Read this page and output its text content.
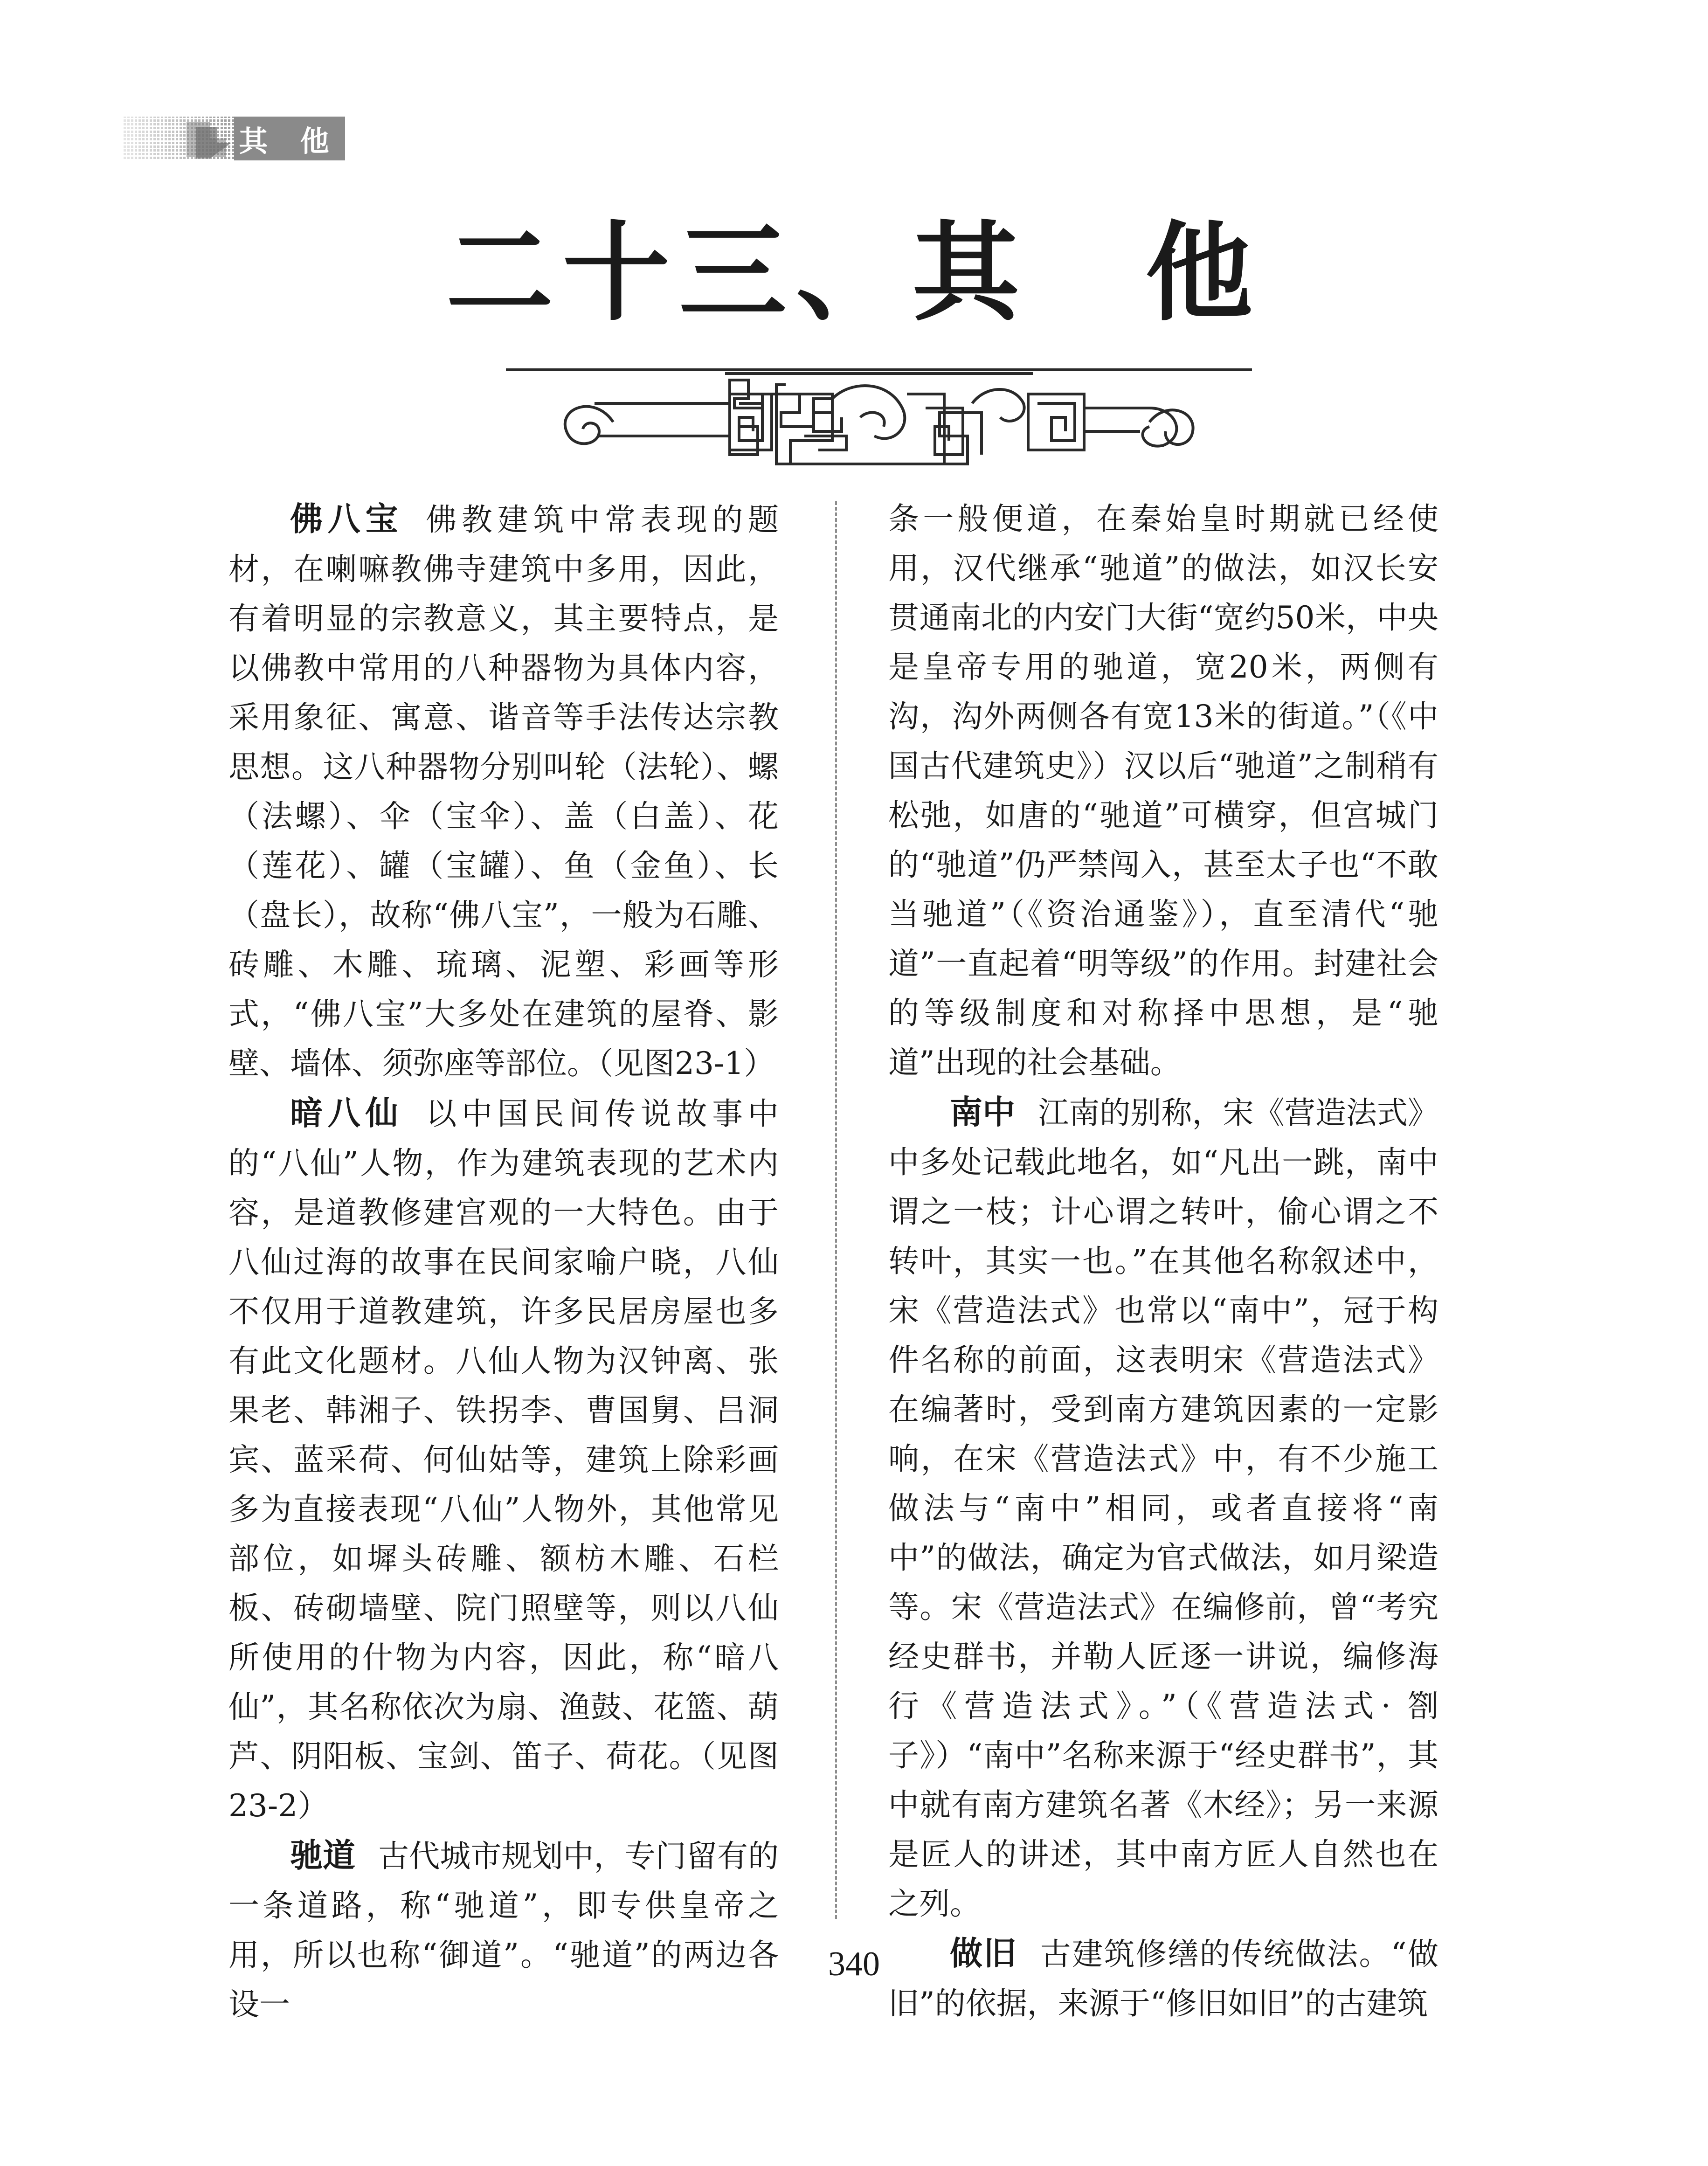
其 他
二十三、其　他

佛八宝 佛教建筑中常表现的题材，在喇嘛教佛寺建筑中多用，因此，有着明显的宗教意义，其主要特点，是以佛教中常用的八种器物为具体内容，采用象征、寓意、谐音等手法传达宗教思想。这八种器物分别叫轮（法轮）、螺（法螺）、伞（宝伞）、盖（白盖）、花（莲花）、罐（宝罐）、鱼（金鱼）、长（盘长），故称“佛八宝”，一般为石雕、砖雕、木雕、琉璃、泥塑、彩画等形式，“佛八宝”大多处在建筑的屋脊、影壁、墙体、须弥座等部位。（见图23-1）

暗八仙 以中国民间传说故事中的“八仙”人物，作为建筑表现的艺术内容，是道教修建宫观的一大特色。由于八仙过海的故事在民间家喻户晓，八仙不仅用于道教建筑，许多民居房屋也多有此文化题材。八仙人物为汉钟离、张果老、韩湘子、铁拐李、曹国舅、吕洞宾、蓝采荷、何仙姑等，建筑上除彩画多为直接表现“八仙”人物外，其他常见部位，如墀头砖雕、额枋木雕、石栏板、砖砌墙壁、院门照壁等，则以八仙所使用的什物为内容，因此，称“暗八仙”，其名称依次为扇、渔鼓、花篮、葫芦、阴阳板、宝剑、笛子、荷花。（见图23-2）

驰道 古代城市规划中，专门留有的一条道路，称“驰道”，即专供皇帝之用，所以也称“御道”。“驰道”的两边各设一

条一般便道，在秦始皇时期就已经使用，汉代继承“驰道”的做法，如汉长安贯通南北的内安门大街“宽约50米，中央是皇帝专用的驰道，宽20米，两侧有沟，沟外两侧各有宽13米的街道。”（《中国古代建筑史》）汉以后“驰道”之制稍有松弛，如唐的“驰道”可横穿，但宫城门的“驰道”仍严禁闯入，甚至太子也“不敢当驰道”（《资治通鉴》），直至清代“驰道”一直起着“明等级”的作用。封建社会的等级制度和对称择中思想，是“驰道”出现的社会基础。

南中 江南的别称，宋《营造法式》中多处记载此地名，如“凡出一跳，南中谓之一枝；计心谓之转叶，偷心谓之不转叶，其实一也。”在其他名称叙述中，宋《营造法式》也常以“南中”，冠于构件名称的前面，这表明宋《营造法式》在编著时，受到南方建筑因素的一定影响，在宋《营造法式》中，有不少施工做法与“南中”相同，或者直接将“南中”的做法，确定为官式做法，如月梁造等。宋《营造法式》在编修前，曾“考究经史群书，并勒人匠逐一讲说，编修海行《营造法式》。”（《营造法式· 劄子》）“南中”名称来源于“经史群书”，其中就有南方建筑名著《木经》；另一来源是匠人的讲述，其中南方匠人自然也在之列。

做旧 古建筑修缮的传统做法。“做旧”的依据，来源于“修旧如旧”的古建筑

340
